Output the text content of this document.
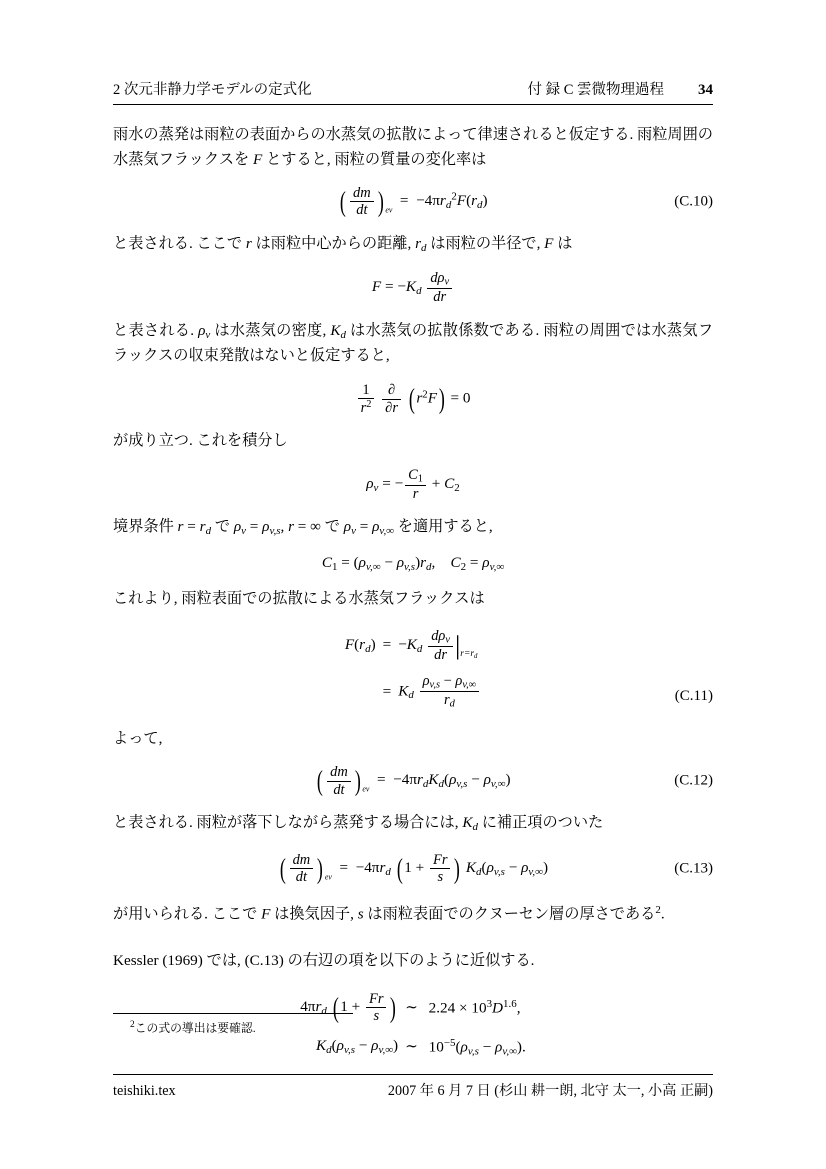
2 次元非静力学モデルの定式化	付 録 C 雲微物理過程 34

雨水の蒸発は雨粒の表面からの水蒸気の拡散によって律速されると仮定する. 雨粒周囲の水蒸気フラックスを F とすると, 雨粒の質量の変化率は

( $\frac{dm}{dt}$ ) $_{ev} = -4\pi r_d^2F(r_d)$	(C.10)

と表される. ここで r は雨粒中心からの距離, $r_d$ は雨粒の半径で, F は

$F = -K_d \frac{d\rho_v}{dr}$

と表される. $\rho_v$ は水蒸気の密度, $K_d$ は水蒸気の拡散係数である. 雨粒の周囲では水蒸気フラックスの収束発散はないと仮定すると,

$\frac{1}{r^2}$
$\frac{\partial}{\partial r}$ ( $r^2F) = 0$

が成り立つ. これを積分し

$\rho_v$ = − $\frac{C1}{r} + C2$

境界条件 $r = r_d$ で $\rho_v = \rho_{v,s}$, r = ∞ で $\rho_v = \rho_{v,\infty}$ を適用すると,

$C1 = (\rho_{v,\infty} - \rho_{v,s})r_d$,    $C2 = \rho_{v,\infty}$

これより, 雨粒表面での拡散による水蒸気フラックスは

$F(r_d) = -K_d \frac{d\rho_v}{dr} |_{r=r_d}$
= $K_d \frac{\rho_{v,s} - \rho_{v,\infty}}{r_d}$	(C.11)

よって,

( $\frac{dm}{dt}$ ) $_{ev} = -4\pi r_dK_d(\rho_{v,s} - \rho_{v,\infty})$	(C.12)

と表される. 雨粒が落下しながら蒸発する場合には, $K_d$ に補正項のついた

( $\frac{dm}{dt}$ ) $_{ev} = -4\pi r_d$ ( $1 + \frac{Fr}{s}$ ) $K_d(\rho_{v,s} - \rho_{v,\infty})$	(C.13)

が用いられる. ここで F は換気因子, s は雨粒表面でのクヌーセン層の厚さである$^2$.

Kessler (1969) では, (C.13) の右辺の項を以下のように近似する.

$4\pi r_d$ ( $1 + \frac{Fr}{s}$ ) ∼ $2.24 \times 10^3D^{1.6}$,
$K_d(\rho_{v,s} - \rho_{v,\infty})$ ∼ $10^{-5}(\rho_{v,s} - \rho_{v,\infty})$.
$^2$この式の導出は要確認.
teishiki.tex	2007 年 6 月 7 日 (杉山 耕一朗, 北守 太一, 小高 正嗣)
